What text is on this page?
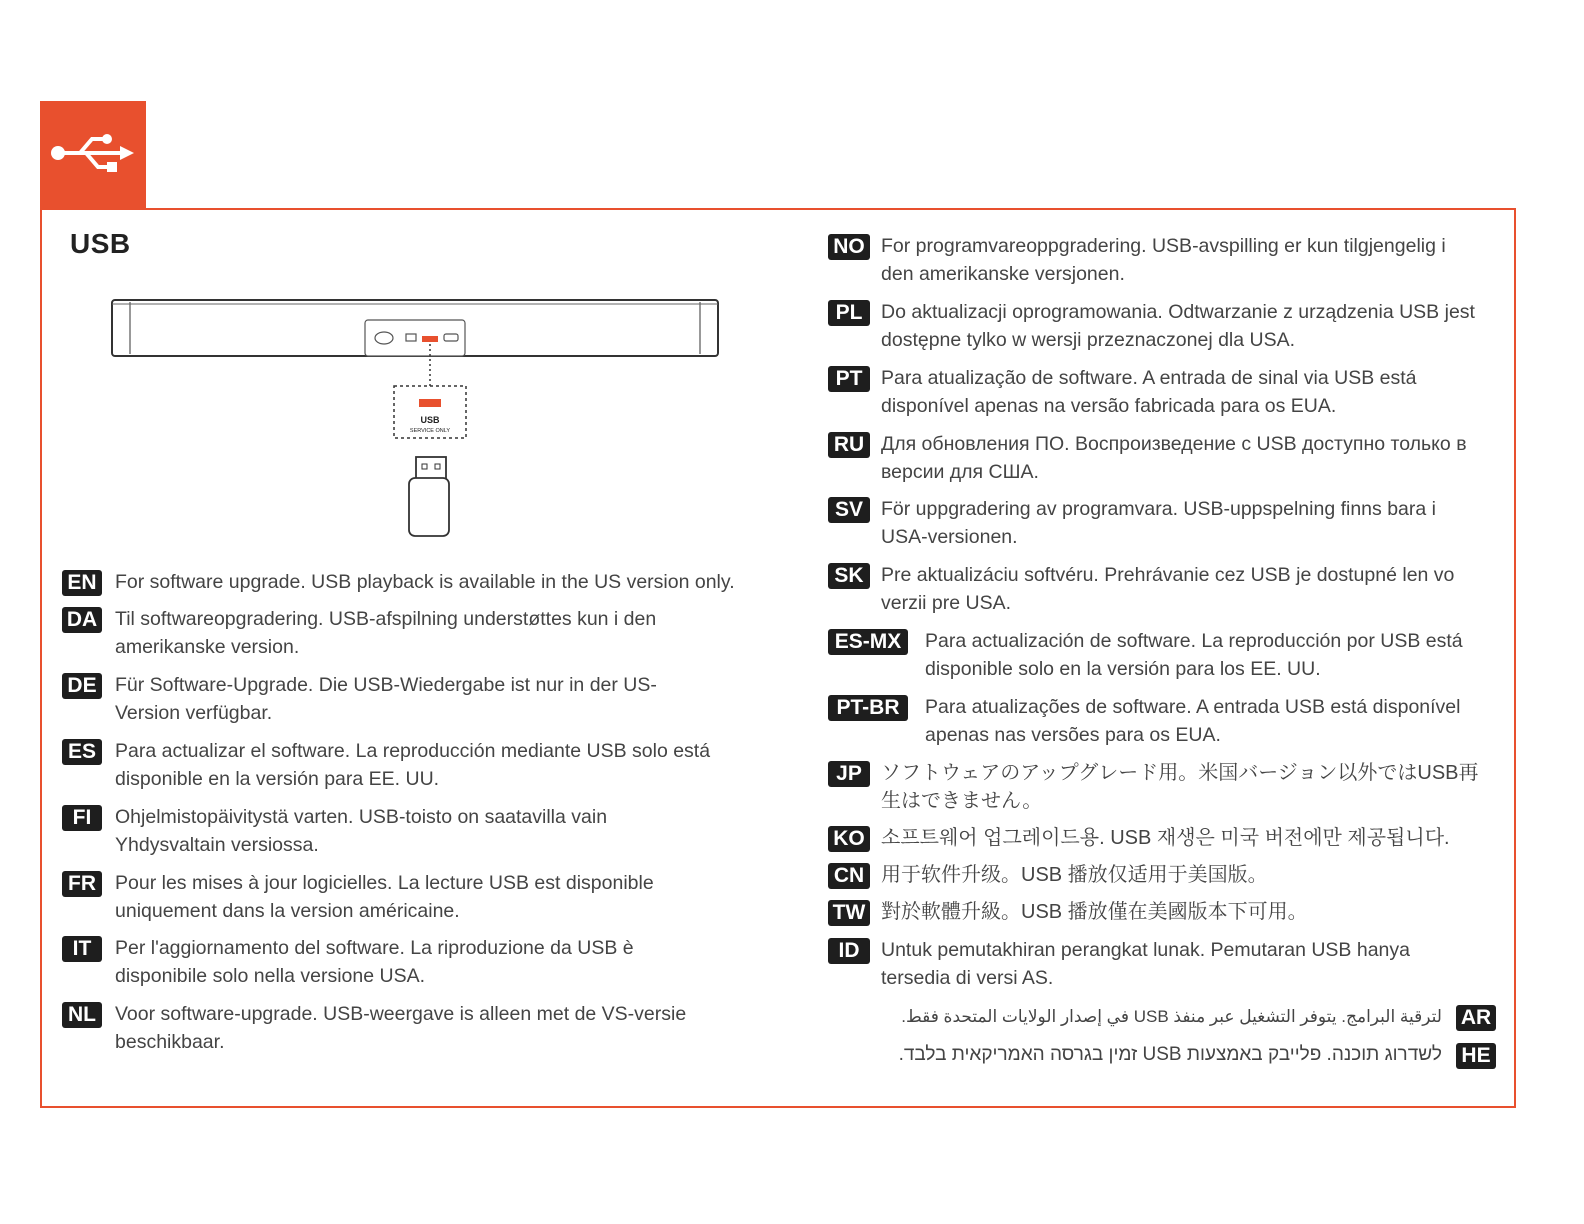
USB
USB
SERVICE ONLY
EN For software upgrade. USB playback is available in the US version only.
DA Til softwareopgradering. USB-afspilning understøttes kun i den
amerikanske version.
DE Für Software-Upgrade. Die USB-Wiedergabe ist nur in der US-
Version verfügbar.
ES Para actualizar el software. La reproducción mediante USB solo está
disponible en la versión para EE. UU.
FI	Ohjelmistopäivitystä varten. USB-toisto on saatavilla vain
Yhdysvaltain versiossa.
FR Pour les mises à jour logicielles. La lecture USB est disponible
uniquement dans la version américaine.
IT	Per l'aggiornamento del software. La riproduzione da USB è
disponibile solo nella versione USA.
NL Voor software-upgrade. USB-weergave is alleen met de VS-versie
beschikbaar.
NO For programvareoppgradering. USB-avspilling er kun tilgjengelig i
den amerikanske versjonen.
PL Do aktualizacji oprogramowania. Odtwarzanie z urządzenia USB jest
dostępne tylko w wersji przeznaczonej dla USA.
PT Para atualização de software. A entrada de sinal via USB está
disponível apenas na versão fabricada para os EUA.
RU Для обновления ПО. Воспроизведение с USB доступно только в
версии для США.
SV För uppgradering av programvara. USB-uppspelning finns bara i
USA-versionen.
SK Pre aktualizáciu softvéru. Prehrávanie cez USB je dostupné len vo
verzii pre USA.
ES-MX	Para actualización de software. La reproducción por USB está
disponible solo en la versión para los EE. UU.
PT-BR	Para atualizações de software. A entrada USB está disponível
apenas nas versões para os EUA.
JP ソフトウェアのアップグレード用。米国バージョン以外ではUSB再
生はできません。
KO 소프트웨어 업그레이드용. USB 재생은 미국 버전에만 제공됩니다.
CN 用于软件升级。USB 播放仅适用于美国版。
TW 對於軟體升級。USB 播放僅在美國版本下可用。
ID	Untuk pemutakhiran perangkat lunak. Pemutaran USB hanya
tersedia di versi AS.
لترقية البرامج. يتوفر التشغيل عبر منفذ USB في إصدار الولايات المتحدة فقط. AR
לשדרוג תוכנה. פלייבק באמצעות USB זמין בגרסה האמריקאית בלבד. HE
